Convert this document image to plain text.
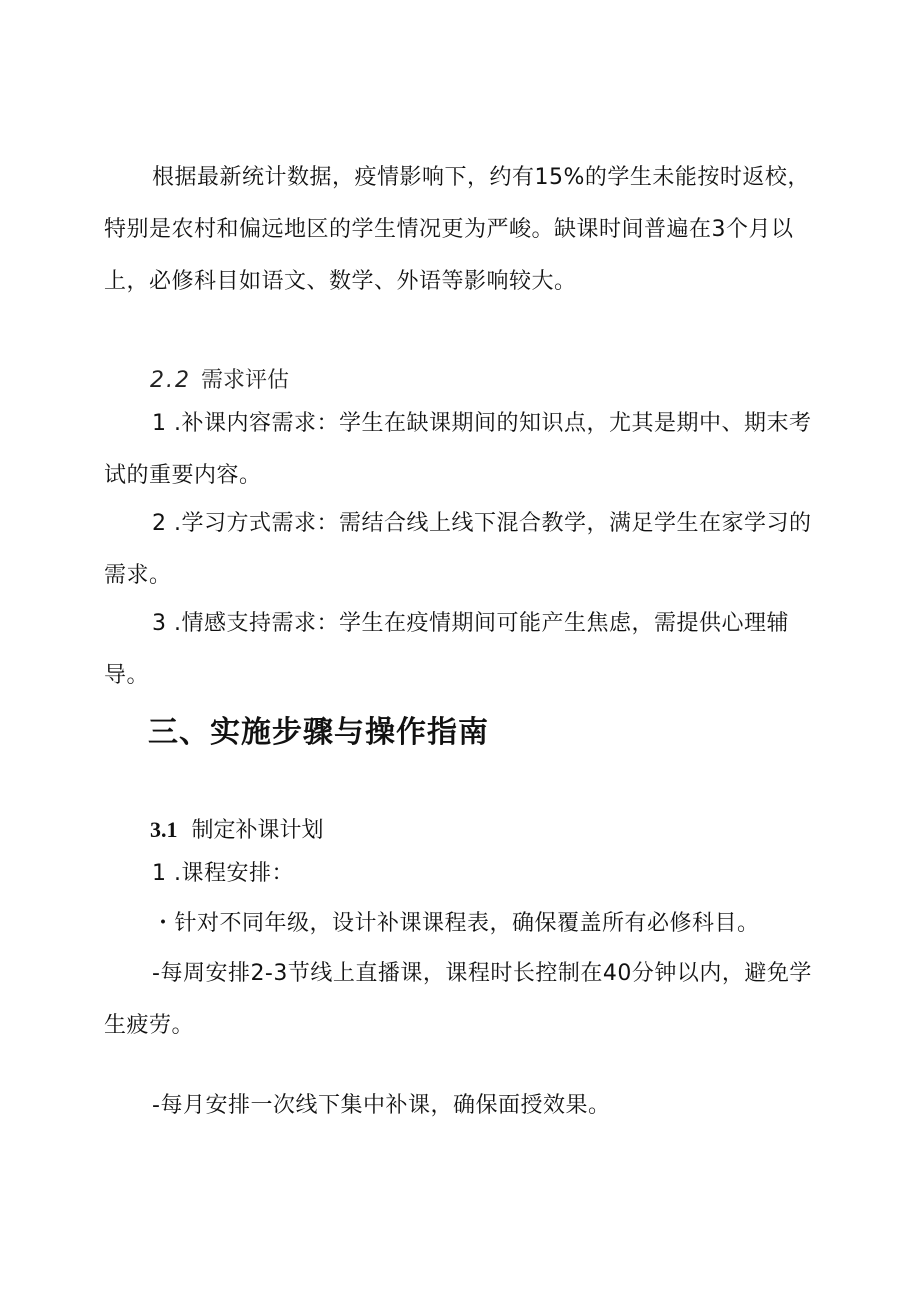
根据最新统计数据，疫情影响下，约有15%的学生未能按时返校，特别是农村和偏远地区的学生情况更为严峻。缺课时间普遍在3个月以上，必修科目如语文、数学、外语等影响较大。

2.2 需求评估

1 .补课内容需求：学生在缺课期间的知识点，尤其是期中、期末考试的重要内容。

2 .学习方式需求：需结合线上线下混合教学，满足学生在家学习的需求。

3 .情感支持需求：学生在疫情期间可能产生焦虑，需提供心理辅导。

三、实施步骤与操作指南

3.1 制定补课计划

1 .课程安排：

・针对不同年级，设计补课课程表，确保覆盖所有必修科目。

-每周安排2-3节线上直播课，课程时长控制在40分钟以内，避免学生疲劳。

-每月安排一次线下集中补课，确保面授效果。
